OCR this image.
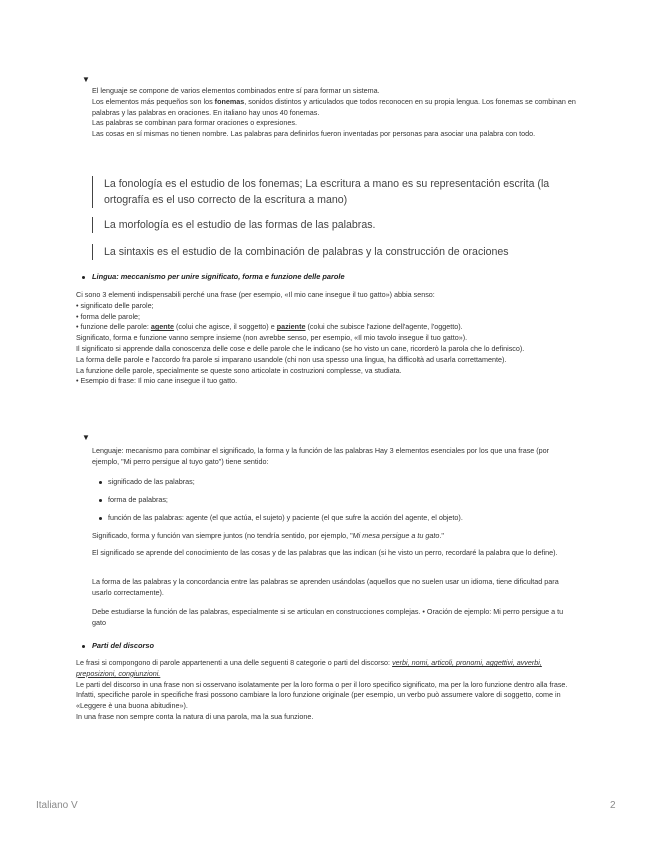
▼

El lenguaje se compone de varios elementos combinados entre sí para formar un sistema.

Los elementos más pequeños son los fonemas, sonidos distintos y articulados que todos reconocen en su propia lengua. Los fonemas se combinan en palabras y las palabras en oraciones. En italiano hay unos 40 fonemas.

Las palabras se combinan para formar oraciones o expresiones.

Las cosas en sí mismas no tienen nombre. Las palabras para definirlos fueron inventadas por personas para asociar una palabra con todo.

La fonología es el estudio de los fonemas; La escritura a mano es su representación escrita (la ortografía es el uso correcto de la escritura a mano)
La morfología es el estudio de las formas de las palabras.
La sintaxis es el estudio de la combinación de palabras y la construcción de oraciones
Lingua: meccanismo per unire significato, forma e funzione delle parole

Ci sono 3 elementi indispensabili perché una frase (per esempio, «Il mio cane insegue il tuo gatto») abbia senso:

• significato delle parole;

• forma delle parole;

• funzione delle parole: agente (colui che agisce, il soggetto) e paziente (colui che subisce l'azione dell'agente, l'oggetto).

Significato, forma e funzione vanno sempre insieme (non avrebbe senso, per esempio, «Il mio tavolo insegue il tuo gatto»).

Il significato si apprende dalla conoscenza delle cose e delle parole che le indicano (se ho visto un cane, ricorderò la parola che lo definisco).

La forma delle parole e l'accordo fra parole si imparano usandole (chi non usa spesso una lingua, ha difficoltà ad usarla correttamente).

La funzione delle parole, specialmente se queste sono articolate in costruzioni complesse, va studiata.

• Esempio di frase: Il mio cane insegue il tuo gatto.

▼
Lenguaje: mecanismo para combinar el significado, la forma y la función de las palabras Hay 3 elementos esenciales por los que una frase (por ejemplo, "Mi perro persigue al tuyo gato") tiene sentido:
significado de las palabras;
forma de palabras;
función de las palabras: agente (el que actúa, el sujeto) y paciente (el que sufre la acción del agente, el objeto).
Significado, forma y función van siempre juntos (no tendría sentido, por ejemplo, "Mi mesa persigue a tu gato."
El significado se aprende del conocimiento de las cosas y de las palabras que las indican (si he visto un perro, recordaré la palabra que lo define).
La forma de las palabras y la concordancia entre las palabras se aprenden usándolas (aquellos que no suelen usar un idioma, tiene dificultad para usarlo correctamente).
Debe estudiarse la función de las palabras, especialmente si se articulan en construcciones complejas. • Oración de ejemplo: Mi perro persigue a tu gato
Parti del discorso

Le frasi si compongono di parole appartenenti a una delle seguenti 8 categorie o parti del discorso: verbi, nomi, articoli, pronomi, aggettivi, avverbi, preposizioni, congiunzioni.

Le parti del discorso in una frase non si osservano isolatamente per la loro forma o per il loro specifico significato, ma per la loro funzione dentro alla frase.

Infatti, specifiche parole in specifiche frasi possono cambiare la loro funzione originale (per esempio, un verbo può assumere valore di soggetto, come in «Leggere è una buona abitudine»).

In una frase non sempre conta la natura di una parola, ma la sua funzione.

Italiano V	2
